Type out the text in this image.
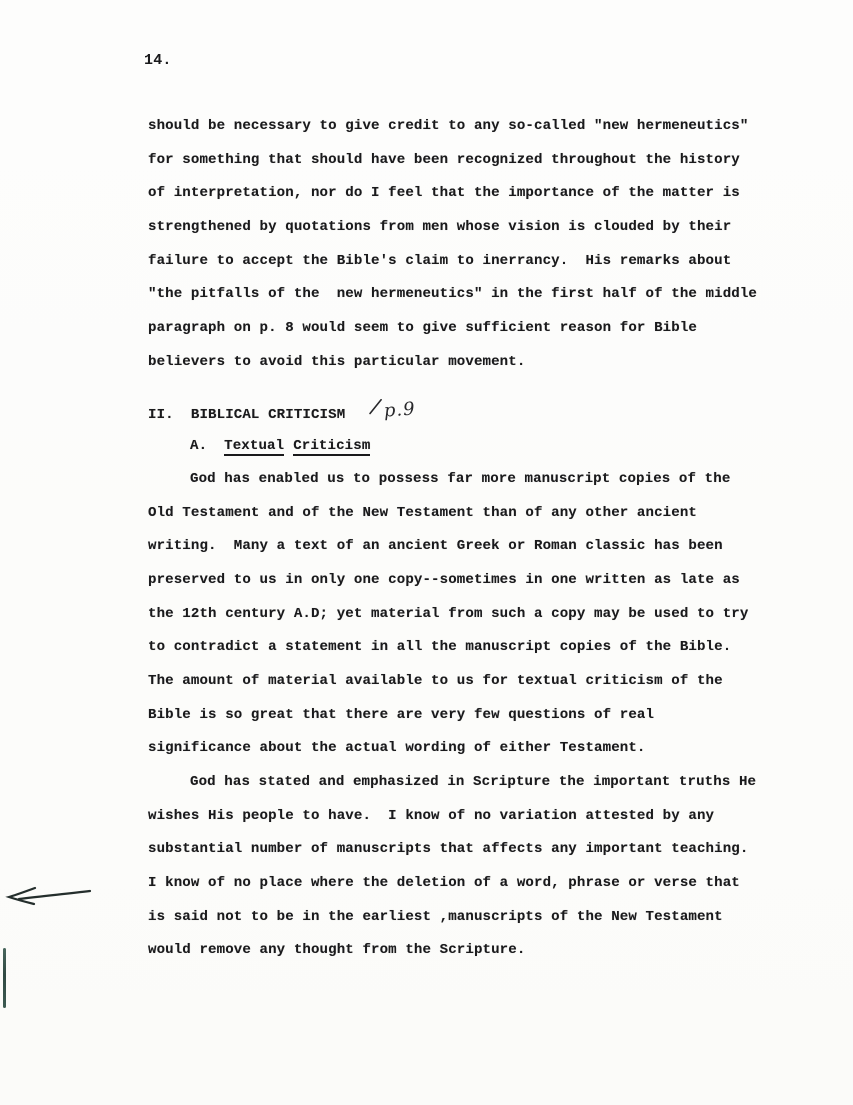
14.
should be necessary to give credit to any so-called "new hermeneutics"
for something that should have been recognized throughout the history
of interpretation, nor do I feel that the importance of the matter is
strengthened by quotations from men whose vision is clouded by their
failure to accept the Bible's claim to inerrancy.  His remarks about
"the pitfalls of the  new hermeneutics" in the first half of the middle
paragraph on p. 8 would seem to give sufficient reason for Bible
believers to avoid this particular movement.
II.  BIBLICAL CRITICISM p.9
A. Textual Criticism
God has enabled us to possess far more manuscript copies of the
Old Testament and of the New Testament than of any other ancient
writing.  Many a text of an ancient Greek or Roman classic has been
preserved to us in only one copy--sometimes in one written as late as
the 12th century A.D; yet material from such a copy may be used to try
to contradict a statement in all the manuscript copies of the Bible.
The amount of material available to us for textual criticism of the
Bible is so great that there are very few questions of real
significance about the actual wording of either Testament.
God has stated and emphasized in Scripture the important truths He
wishes His people to have.  I know of no variation attested by any
substantial number of manuscripts that affects any important teaching.
I know of no place where the deletion of a word, phrase or verse that
is said not to be in the earliest ,manuscripts of the New Testament
would remove any thought from the Scripture.
